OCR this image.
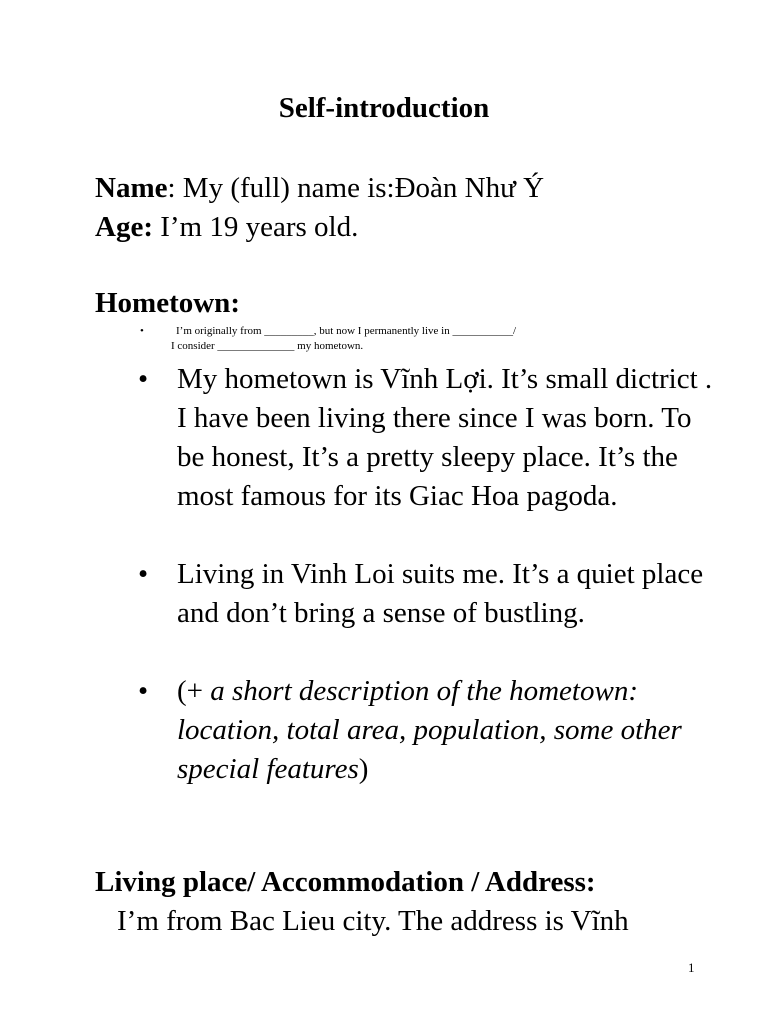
Self-introduction
Name: My (full) name is:Đoàn Như Ý
Age: I’m 19 years old.
Hometown:
•	I’m originally from _________, but now I permanently live in ___________/
I consider ______________ my hometown.
• My hometown is Vĩnh Lợi. It’s small dictrict . I have been living there since I was born. To be honest, It’s a pretty sleepy place. It’s the most famous for its Giac Hoa pagoda.
• Living in Vinh Loi suits me. It’s a quiet place and don’t bring a sense of bustling.
• (+ a short description of the hometown: location, total area, population, some other special features)
Living place/ Accommodation / Address:
I’m from Bac Lieu city. The address is Vĩnh
1
